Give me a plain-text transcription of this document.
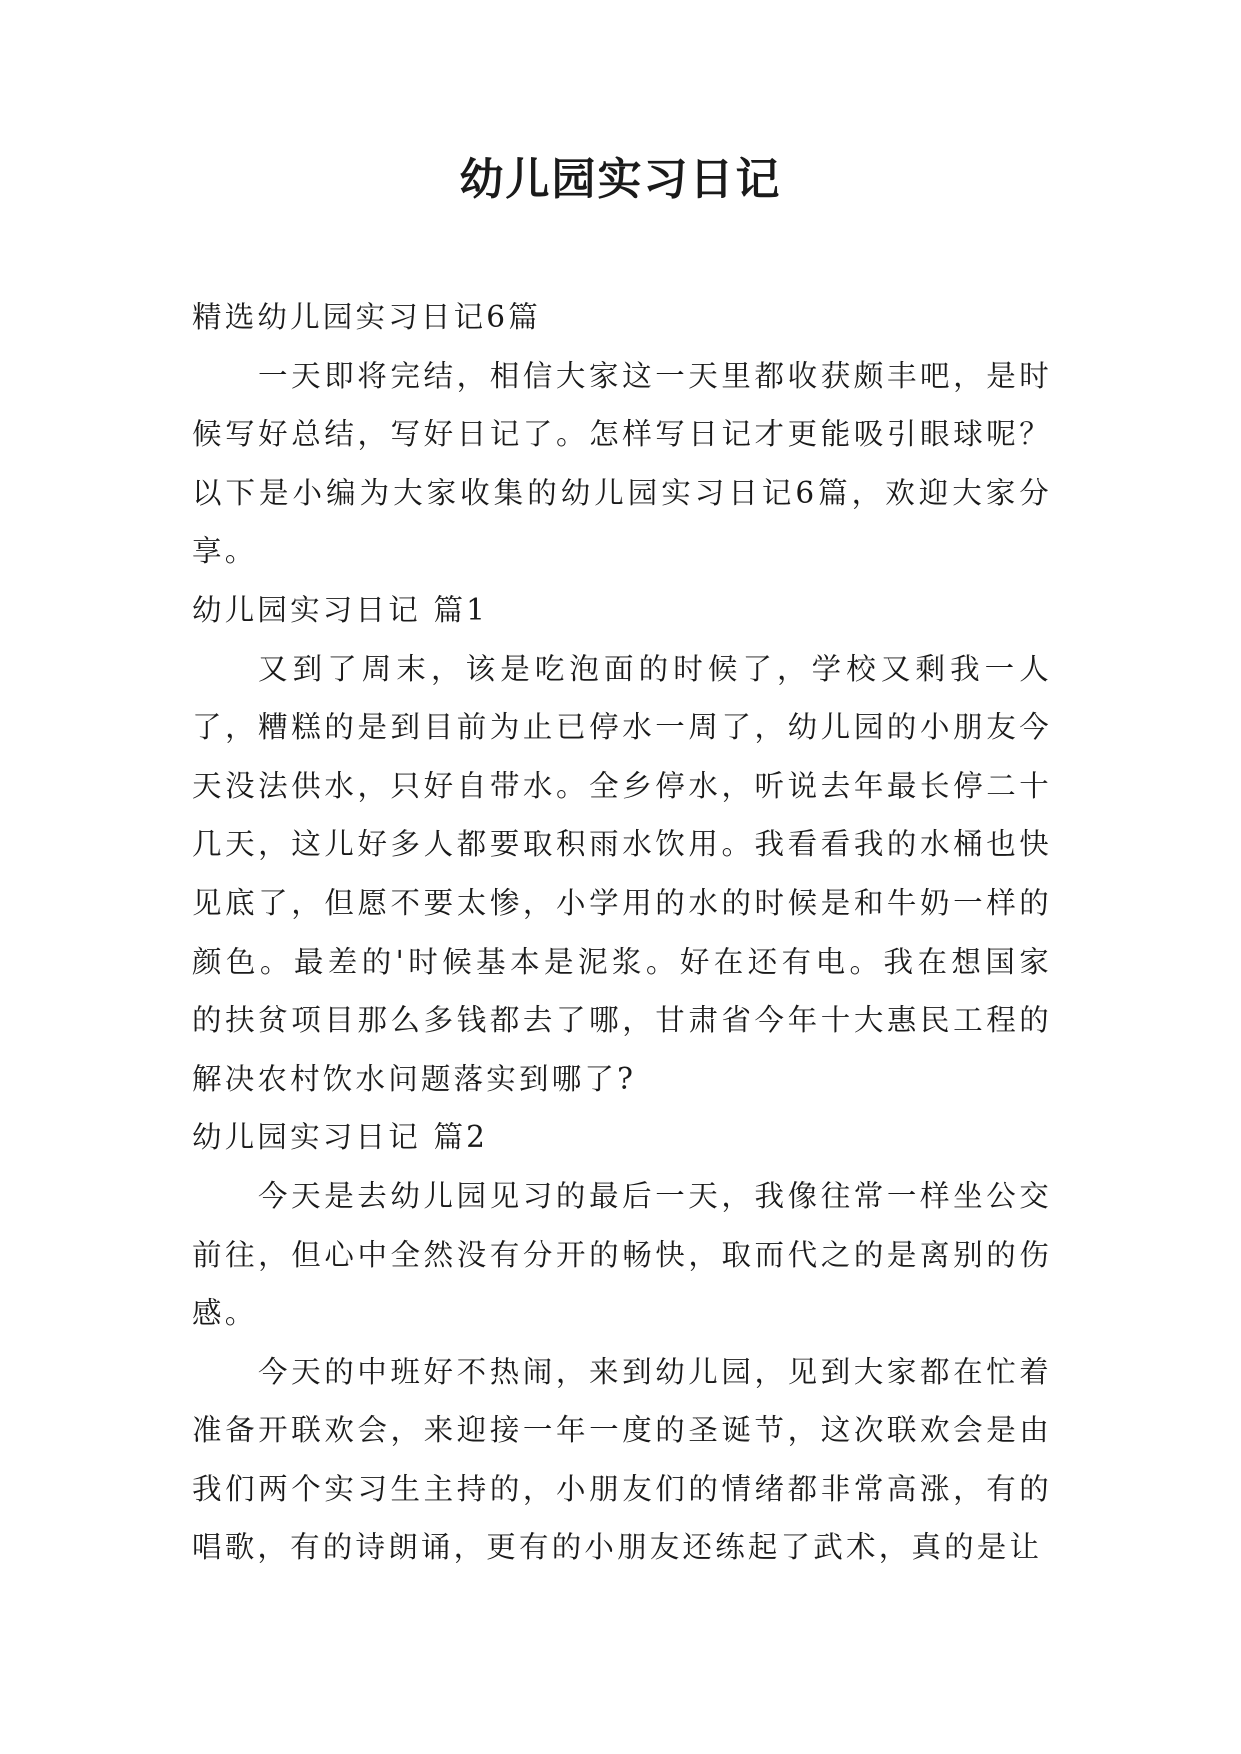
幼儿园实习日记

精选幼儿园实习日记6篇

一天即将完结，相信大家这一天里都收获颇丰吧，是时候写好总结，写好日记了。怎样写日记才更能吸引眼球呢？以下是小编为大家收集的幼儿园实习日记6篇，欢迎大家分享。

幼儿园实习日记 篇1

又到了周末，该是吃泡面的时候了，学校又剩我一人了，糟糕的是到目前为止已停水一周了，幼儿园的小朋友今天没法供水，只好自带水。全乡停水，听说去年最长停二十几天，这儿好多人都要取积雨水饮用。我看看我的水桶也快见底了，但愿不要太惨，小学用的水的时候是和牛奶一样的颜色。最差的'时候基本是泥浆。好在还有电。我在想国家的扶贫项目那么多钱都去了哪，甘肃省今年十大惠民工程的解决农村饮水问题落实到哪了?

幼儿园实习日记 篇2

今天是去幼儿园见习的最后一天，我像往常一样坐公交前往，但心中全然没有分开的畅快，取而代之的是离别的伤感。

今天的中班好不热闹，来到幼儿园，见到大家都在忙着准备开联欢会，来迎接一年一度的圣诞节，这次联欢会是由我们两个实习生主持的，小朋友们的情绪都非常高涨，有的唱歌，有的诗朗诵，更有的小朋友还练起了武术，真的是让
